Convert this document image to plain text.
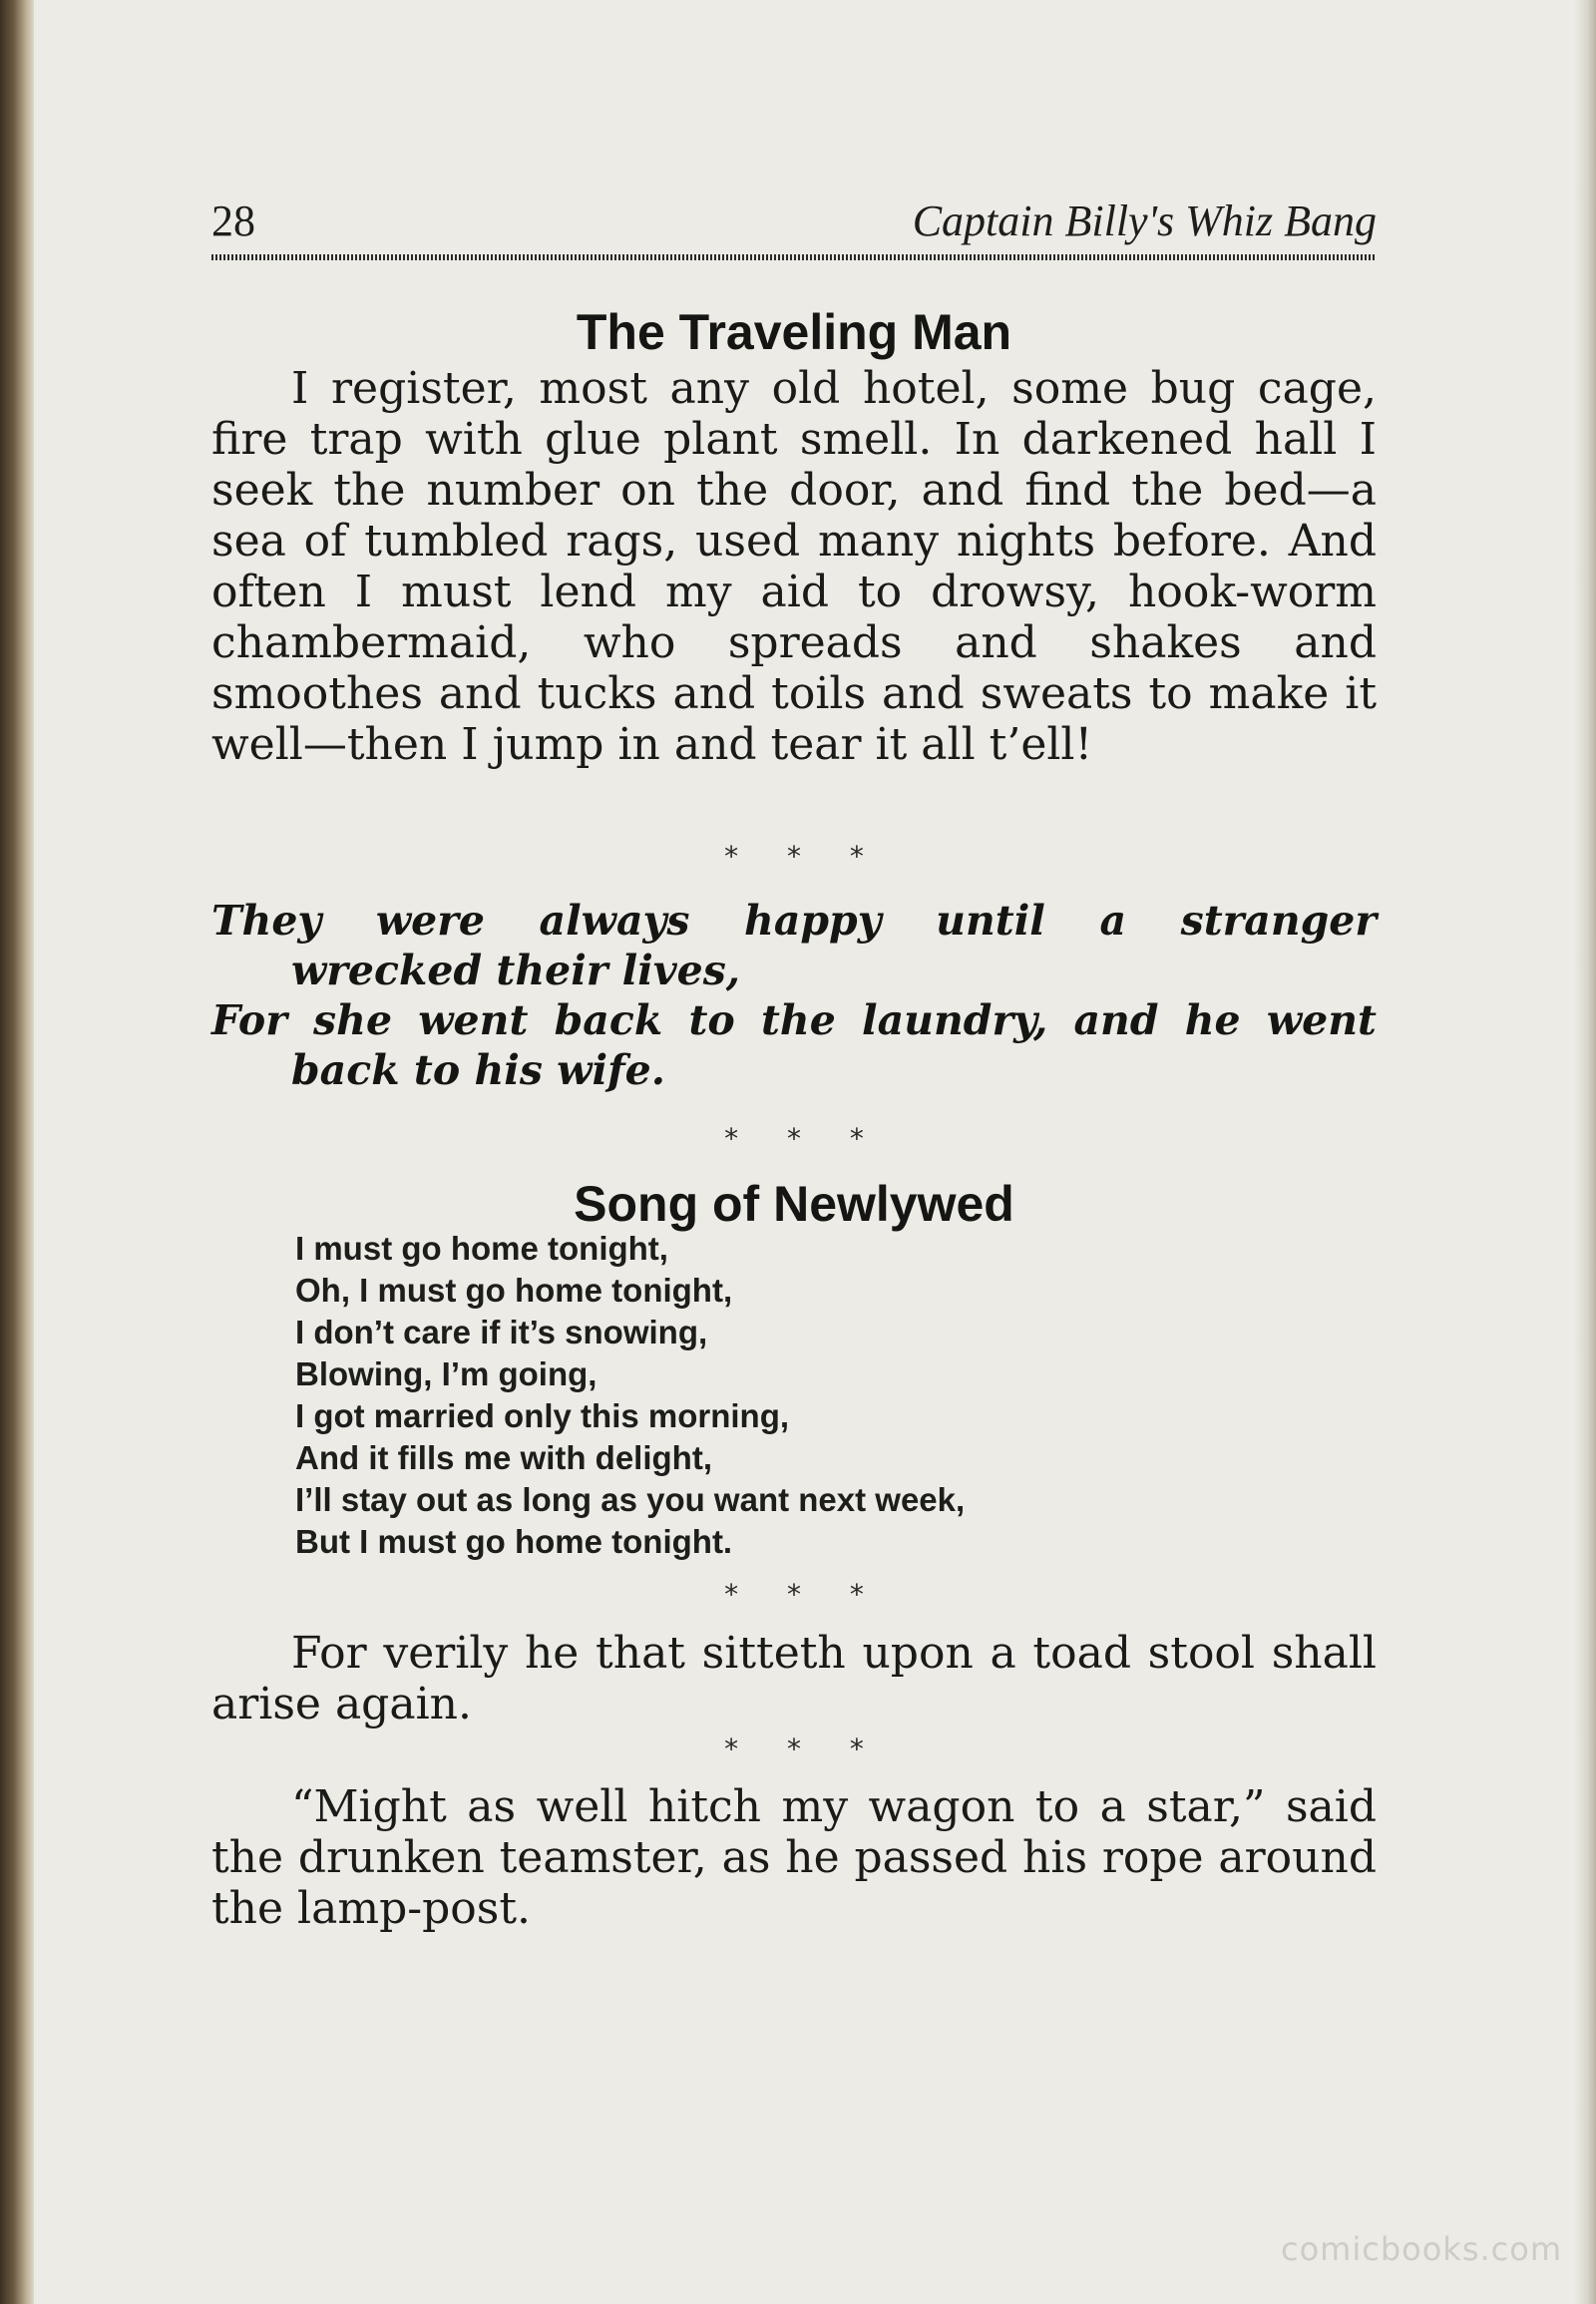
28	Captain Billy's Whiz Bang
The Traveling Man

I register, most any old hotel, some bug cage, fire trap with glue plant smell. In darkened hall I seek the number on the door, and find the bed—a sea of tumbled rags, used many nights before. And often I must lend my aid to drowsy, hook-worm chambermaid, who spreads and shakes and smoothes and tucks and toils and sweats to make it well—then I jump in and tear it all t’ell!

* * *
They were always happy until a stranger
wrecked their lives,
For she went back to the laundry, and he went
back to his wife.
* * *
Song of Newlywed
I must go home tonight,
Oh, I must go home tonight,
I don’t care if it’s snowing,
Blowing, I’m going,
I got married only this morning,
And it fills me with delight,
I’ll stay out as long as you want next week,
But I must go home tonight.
* * *

For verily he that sitteth upon a toad stool shall arise again.

* * *

“Might as well hitch my wagon to a star,” said the drunken teamster, as he passed his rope around the lamp-post.

comicbooks.com
